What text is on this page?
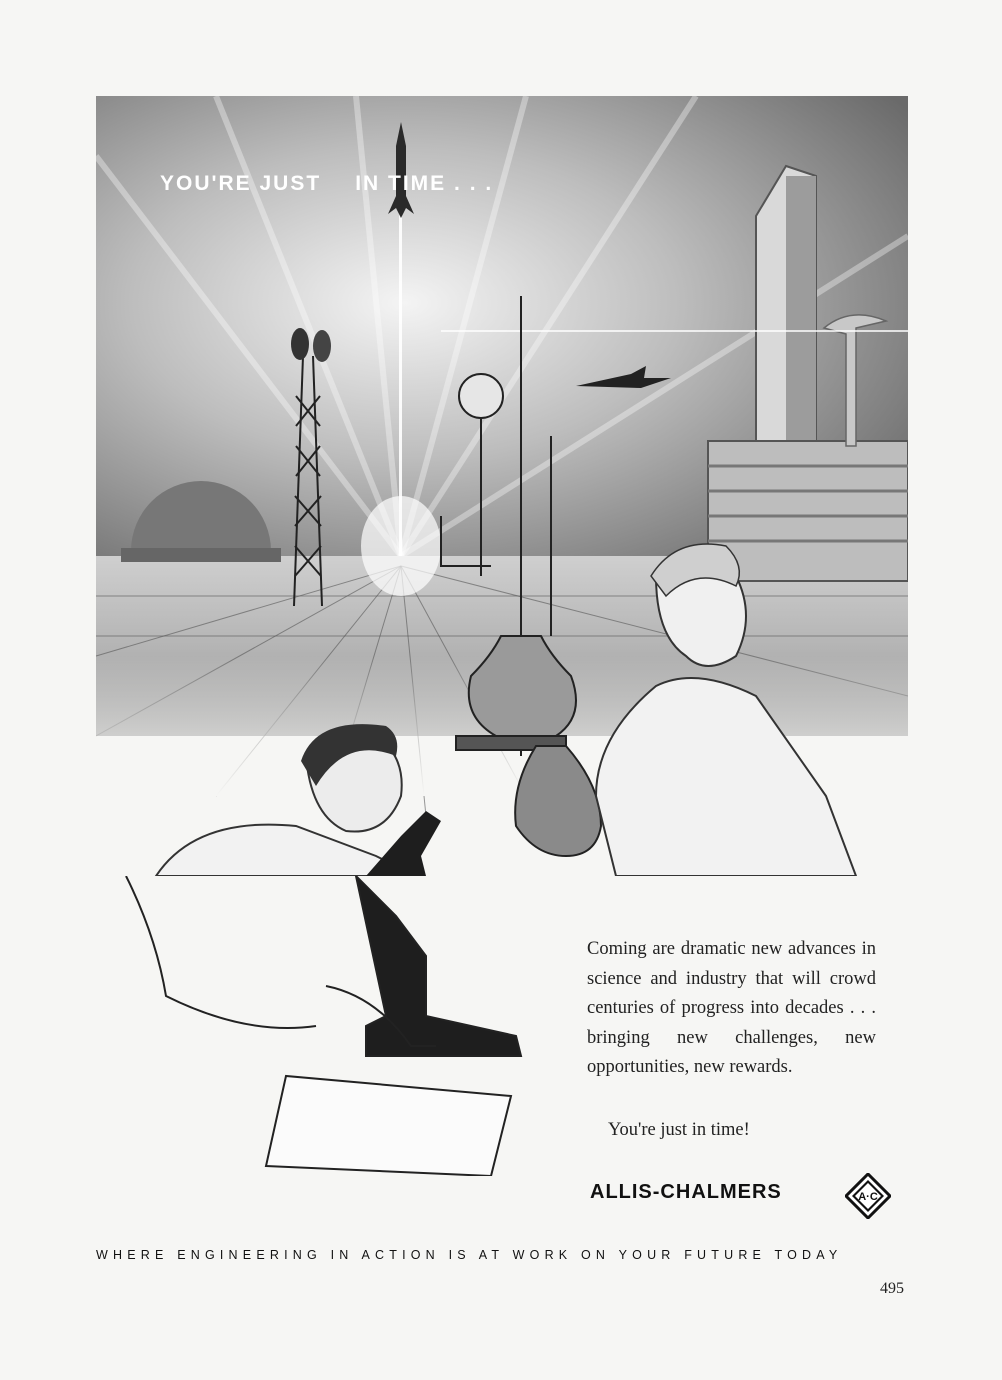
YOU'RE JUST IN TIME . . .

Coming are dramatic new advances in science and industry that will crowd centuries of progress into decades . . . bringing new challenges, new opportunities, new rewards.

You're just in time!
ALLIS-CHALMERS	A·C
WHERE ENGINEERING IN ACTION IS AT WORK ON YOUR FUTURE TODAY
495
